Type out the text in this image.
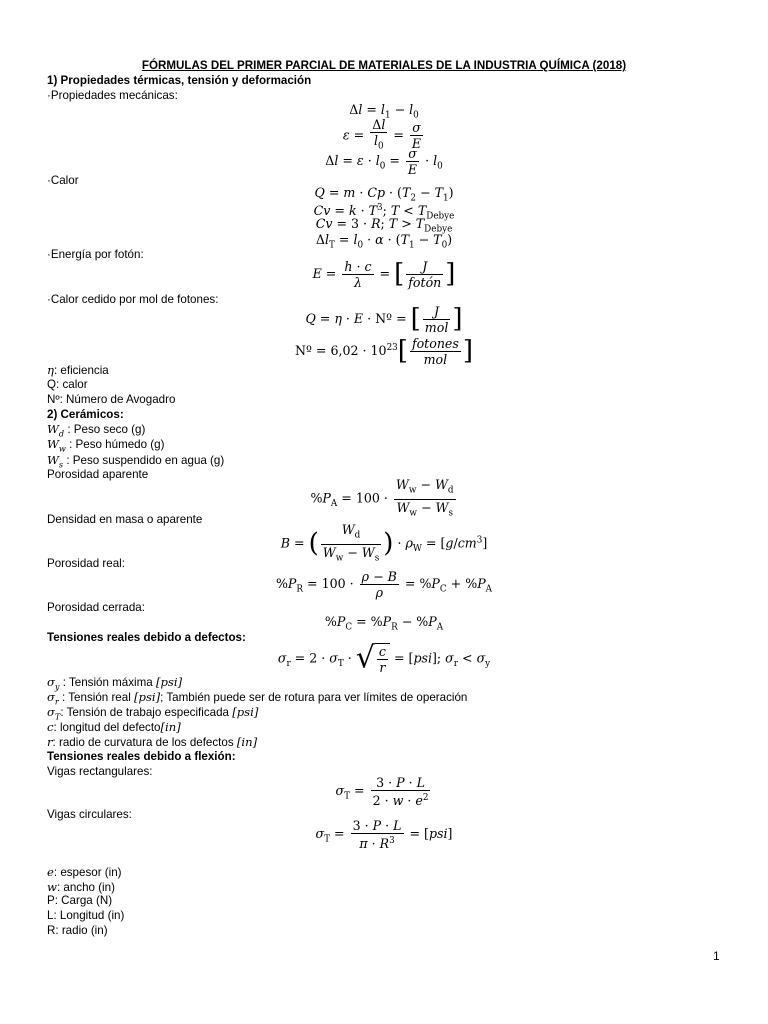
FÓRMULAS DEL PRIMER PARCIAL DE MATERIALES DE LA INDUSTRIA QUÍMICA (2018)
1) Propiedades térmicas, tensión y deformación
·Propiedades mecánicas:
$\Delta l = l_1 - l_0$
$\varepsilon = \frac{\Delta l}{l_0} = \frac{\sigma}{E}$
$\Delta l = \varepsilon \cdot l_0 = \frac{\sigma}{E} \cdot l_0$
·Calor
$Q = m \cdot Cp \cdot (T_2 - T_1)$
$Cv = k \cdot T^3$; $T < T_{Debye}$
Cv = 3 · R; $T > T_{Debye}$
$\Delta l_T = l_0 \cdot \alpha \cdot (T_1 - T_0)$
·Energía por fotón:
$E = \frac{h \cdot c}{\lambda}$ = [ $\frac{J}{\text{fotón}}$ ]
·Calor cedido por mol de fotones:
Q = η · E · Nº = [ $\frac{J}{\text{mol}}$ ]
Nº = $6,02 \cdot 10^{23}[ \frac{\text{fotones}}{\text{mol}}$ ]
η: eficiencia
Q: calor
Nº: Número de Avogadro
2) Cerámicos:
$W_d$ : Peso seco (g)
$W_w$ : Peso húmedo (g)
$W_s$ : Peso suspendido en agua (g)
Porosidad aparente
$\%P_A = 100 \cdot \frac{W_w - W_d}{W_w - W_s}$
Densidad en masa o aparente
B = ( $\frac{W_d}{W_w - W_s}$ ) · $\rho_W = [g/cm^3]$
Porosidad real:
$\%P_R = 100 \cdot \frac{\rho - B}{\rho} = \%P_C + \%P_A$
Porosidad cerrada:
$\%P_C = \%P_R - \%P_A$
Tensiones reales debido a defectos:
$\sigma_r = 2 \cdot \sigma_T$ · √ $\frac{c}{r} = [psi]$; $\sigma_r < \sigma_y$
$\sigma_y$ : Tensión máxima [psi]
$\sigma_r$ : Tensión real [psi]; También puede ser de rotura para ver límites de operación
$\sigma_T$: Tensión de trabajo especificada [psi]
c: longitud del defecto[in]
r: radio de curvatura de los defectos [in]
Tensiones reales debido a flexión:
Vigas rectangulares:
$\sigma_T = \frac{3 \cdot P \cdot L}{2 \cdot w \cdot e^2}$
Vigas circulares:
$\sigma_T = \frac{3 \cdot P \cdot L}{\pi \cdot R^3} = [psi]$
e: espesor (in)
w: ancho (in)
P: Carga (N)
L: Longitud (in)
R: radio (in)
1
